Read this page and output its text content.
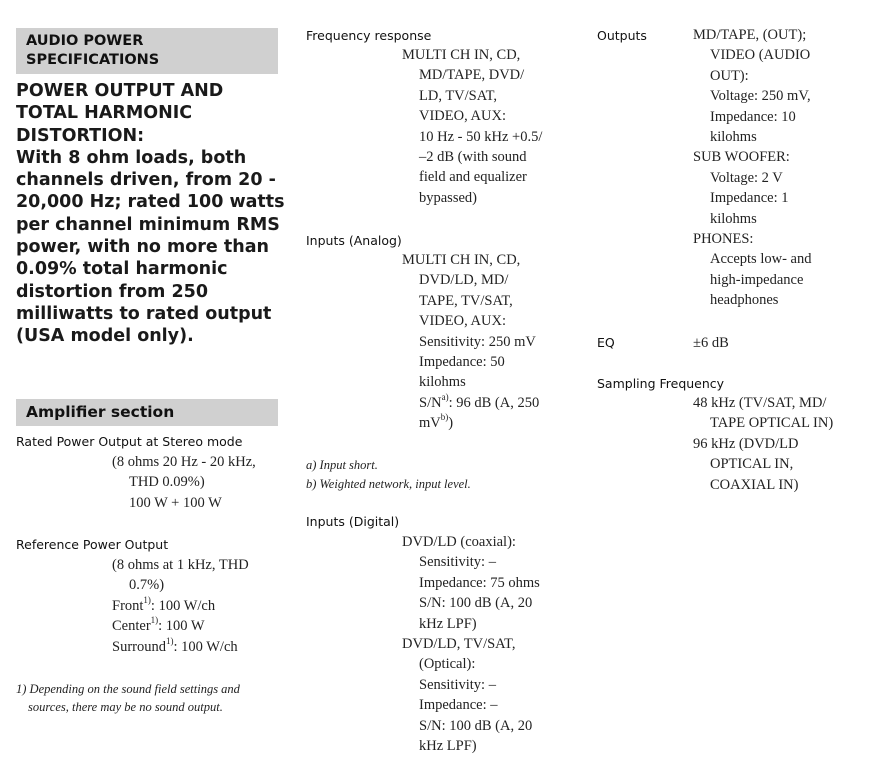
AUDIO POWER SPECIFICATIONS
POWER OUTPUT AND
TOTAL HARMONIC
DISTORTION:
With 8 ohm loads, both
channels driven, from 20 -
20,000 Hz; rated 100 watts
per channel minimum RMS
power, with no more than
0.09% total harmonic
distortion from 250
milliwatts to rated output
(USA model only).
Amplifier section
Rated Power Output at Stereo mode
(8 ohms 20 Hz - 20 kHz,
THD 0.09%)
100 W + 100 W
Reference Power Output
(8 ohms at 1 kHz, THD
0.7%)
Front$^{1)}$: 100 W/ch
Center$^{1)}$: 100 W
Surround$^{1)}$: 100 W/ch
1) Depending on the sound field settings and
sources, there may be no sound output.
Frequency response
MULTI CH IN, CD,
MD/TAPE, DVD/
LD, TV/SAT,
VIDEO, AUX:
10 Hz - 50 kHz +0.5/
–2 dB (with sound
field and equalizer
bypassed)
Inputs (Analog)
MULTI CH IN, CD,
DVD/LD, MD/
TAPE, TV/SAT,
VIDEO, AUX:
Sensitivity: 250 mV
Impedance: 50
kilohms
$S/N^{a)}$: 96 dB (A, 250
$mV^{b)}$)
a) Input short.
b) Weighted network, input level.
Inputs (Digital)
DVD/LD (coaxial):
Sensitivity: –
Impedance: 75 ohms
S/N: 100 dB (A, 20
kHz LPF)
DVD/LD, TV/SAT,
(Optical):
Sensitivity: –
Impedance: –
S/N: 100 dB (A, 20
kHz LPF)
Outputs	MD/TAPE, (OUT);
VIDEO (AUDIO
OUT):
Voltage: 250 mV,
Impedance: 10
kilohms
SUB WOOFER:
Voltage: 2 V
Impedance: 1
kilohms
PHONES:
Accepts low- and
high-impedance
headphones
EQ	±6 dB
Sampling Frequency
48 kHz (TV/SAT, MD/
TAPE OPTICAL IN)
96 kHz (DVD/LD
OPTICAL IN,
COAXIAL IN)
